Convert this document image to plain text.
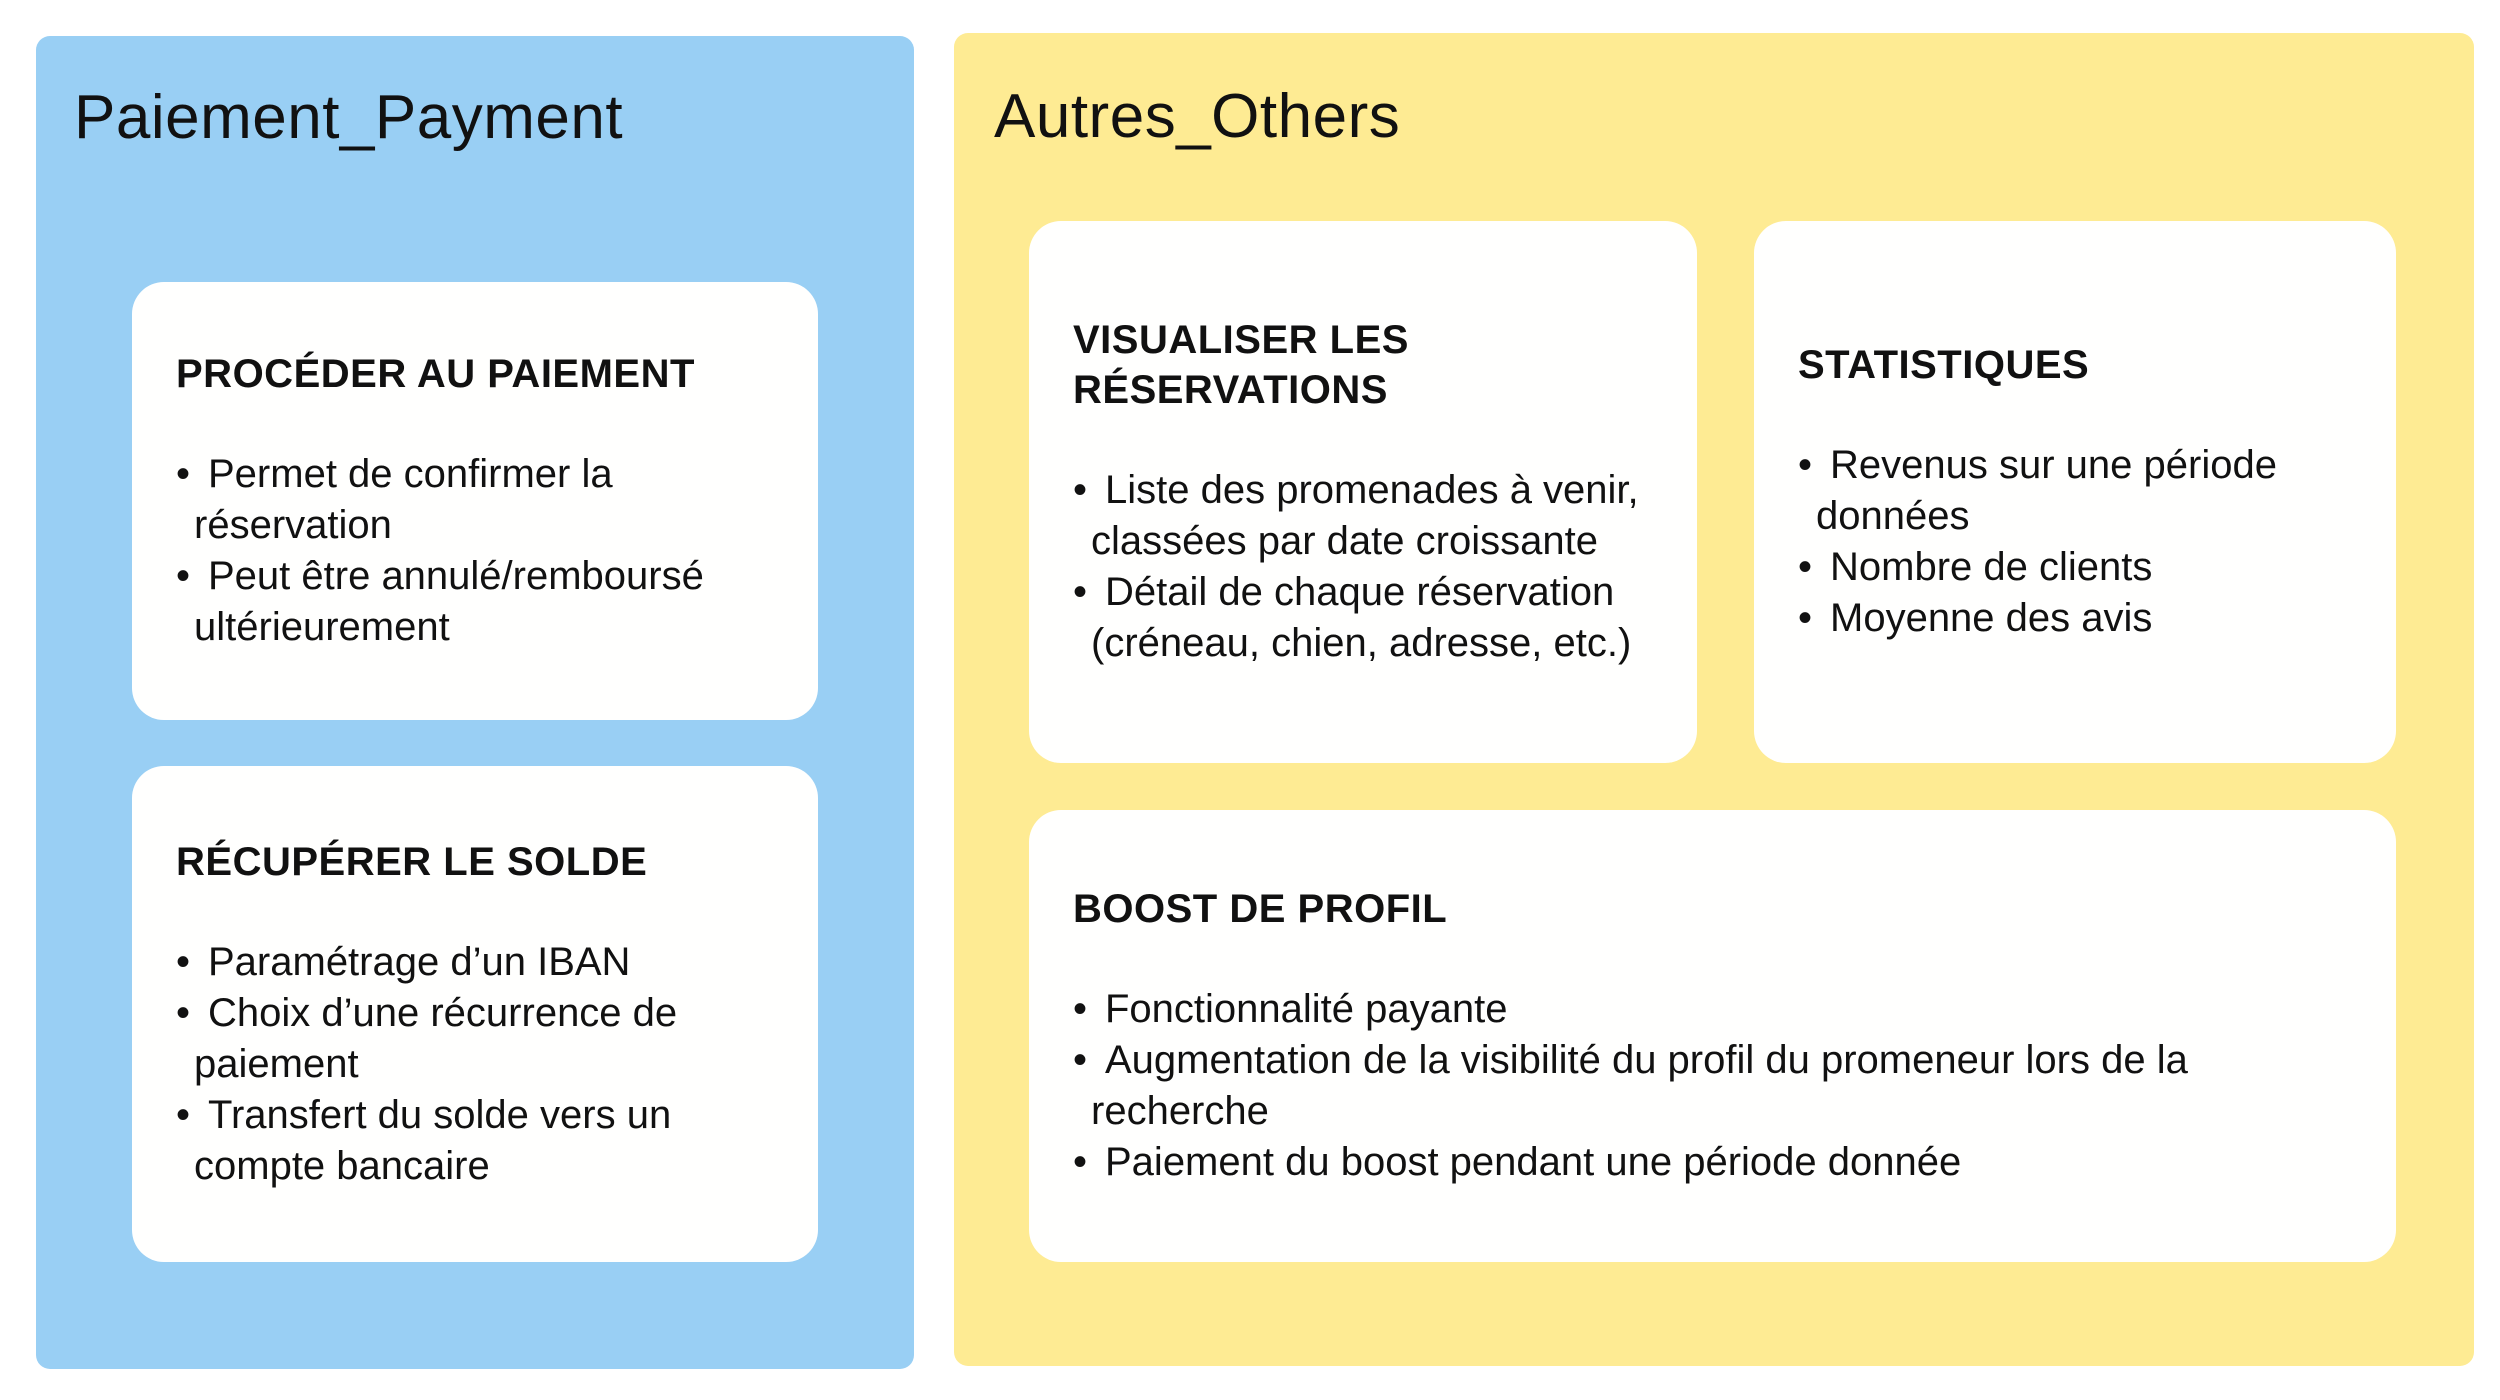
Paiement_Payment	Autres_Others
PROCÉDER AU PAIEMENT
• Permet de confirmer la réservation
• Peut être annulé/remboursé ultérieurement
RÉCUPÉRER LE SOLDE
• Paramétrage d’un IBAN
• Choix d’une récurrence de paiement
• Transfert du solde vers un compte bancaire
VISUALISER LES RÉSERVATIONS
• Liste des promenades à venir, classées par date croissante
• Détail de chaque réservation (créneau, chien, adresse, etc.)
STATISTIQUES
• Revenus sur une période données
• Nombre de clients
• Moyenne des avis
BOOST DE PROFIL
• Fonctionnalité payante
• Augmentation de la visibilité du profil du promeneur lors de la recherche
• Paiement du boost pendant une période donnée
